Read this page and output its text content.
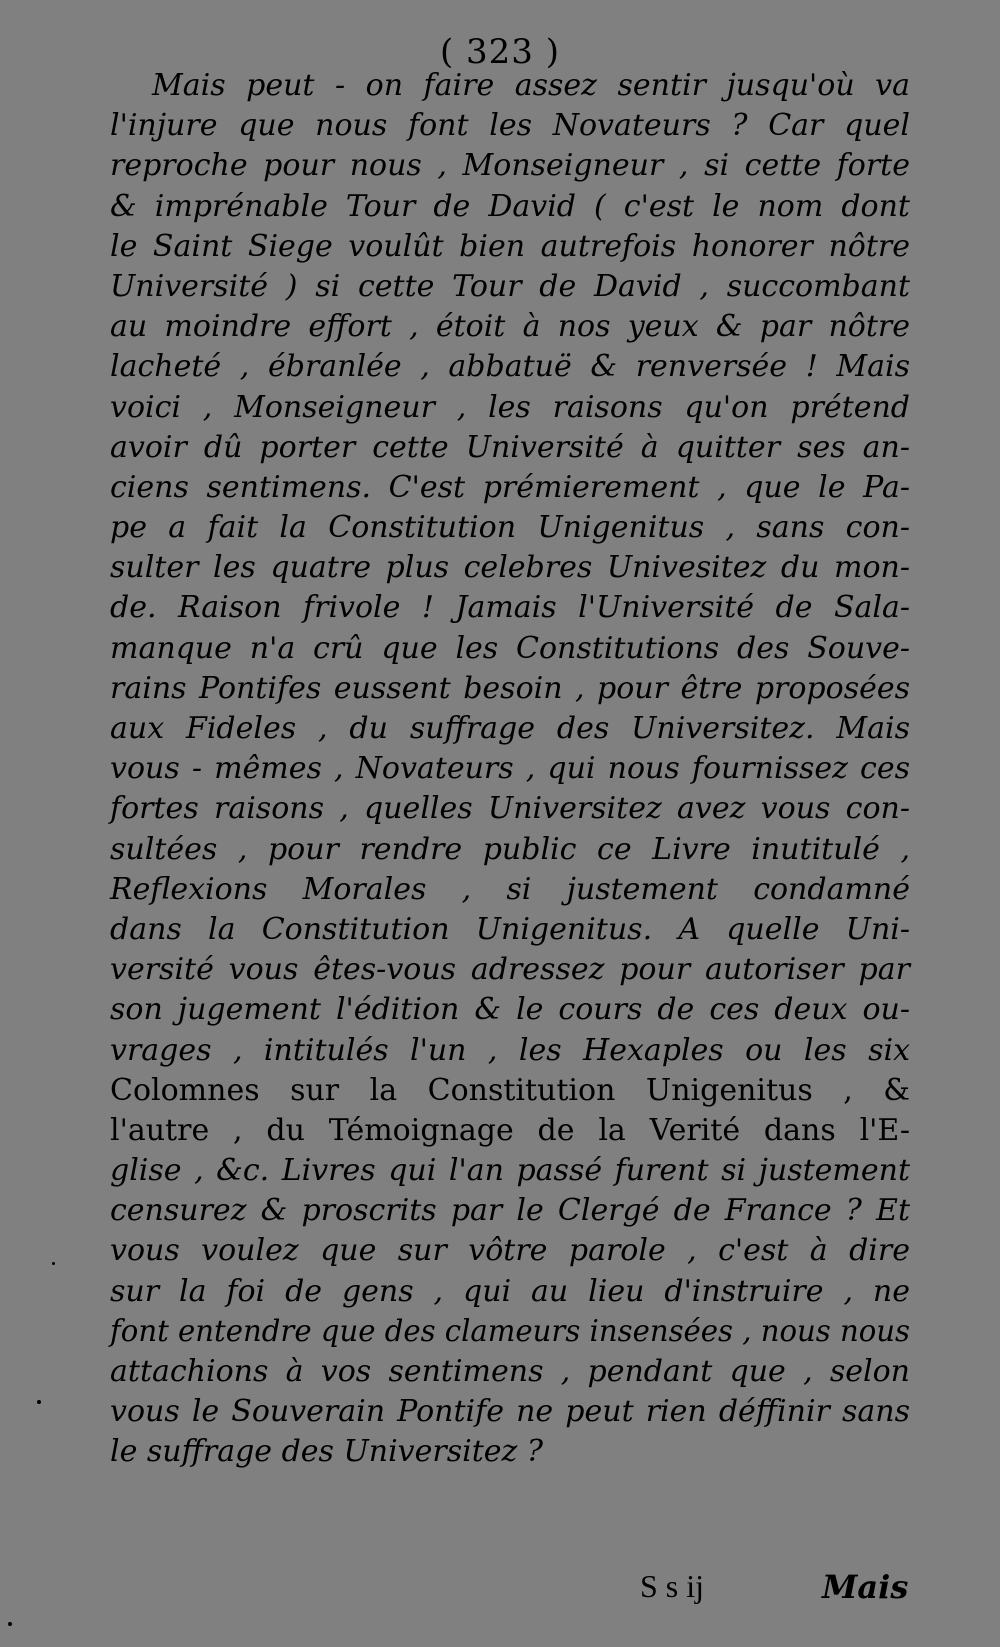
( 323 )
Mais peut - on faire assez sentir jusqu'où va
l'injure que nous font les Novateurs ? Car quel
reproche pour nous , Monseigneur , si cette forte
& imprénable Tour de David ( c'est le nom dont
le Saint Siege voulût bien autrefois honorer nôtre
Université ) si cette Tour de David , succombant
au moindre effort , étoit à nos yeux & par nôtre
lacheté , ébranlée , abbatuë & renversée ! Mais
voici , Monseigneur , les raisons qu'on prétend
avoir dû porter cette Université à quitter ses an-
ciens sentimens. C'est prémierement , que le Pa-
pe a fait la Constitution Unigenitus , sans con-
sulter les quatre plus celebres Univesitez du mon-
de. Raison frivole ! Jamais l'Université de Sala-
manque n'a crû que les Constitutions des Souve-
rains Pontifes eussent besoin , pour être proposées
aux Fideles , du suffrage des Universitez. Mais
vous - mêmes , Novateurs , qui nous fournissez ces
fortes raisons , quelles Universitez avez vous con-
sultées , pour rendre public ce Livre inutitulé ,
Reflexions Morales , si justement condamné
dans la Constitution Unigenitus. A quelle Uni-
versité vous êtes-vous adressez pour autoriser par
son jugement l'édition & le cours de ces deux ou-
vrages , intitulés l'un , les Hexaples ou les six
Colomnes sur la Constitution Unigenitus , &
l'autre , du Témoignage de la Verité dans l'E-
glise , &c. Livres qui l'an passé furent si justement
censurez & proscrits par le Clergé de France ? Et
vous voulez que sur vôtre parole , c'est à dire
sur la foi de gens , qui au lieu d'instruire , ne
font entendre que des clameurs insensées , nous nous
attachions à vos sentimens , pendant que , selon
vous le Souverain Pontife ne peut rien déffinir sans
le suffrage des Universitez ?
S s ij	Mais
